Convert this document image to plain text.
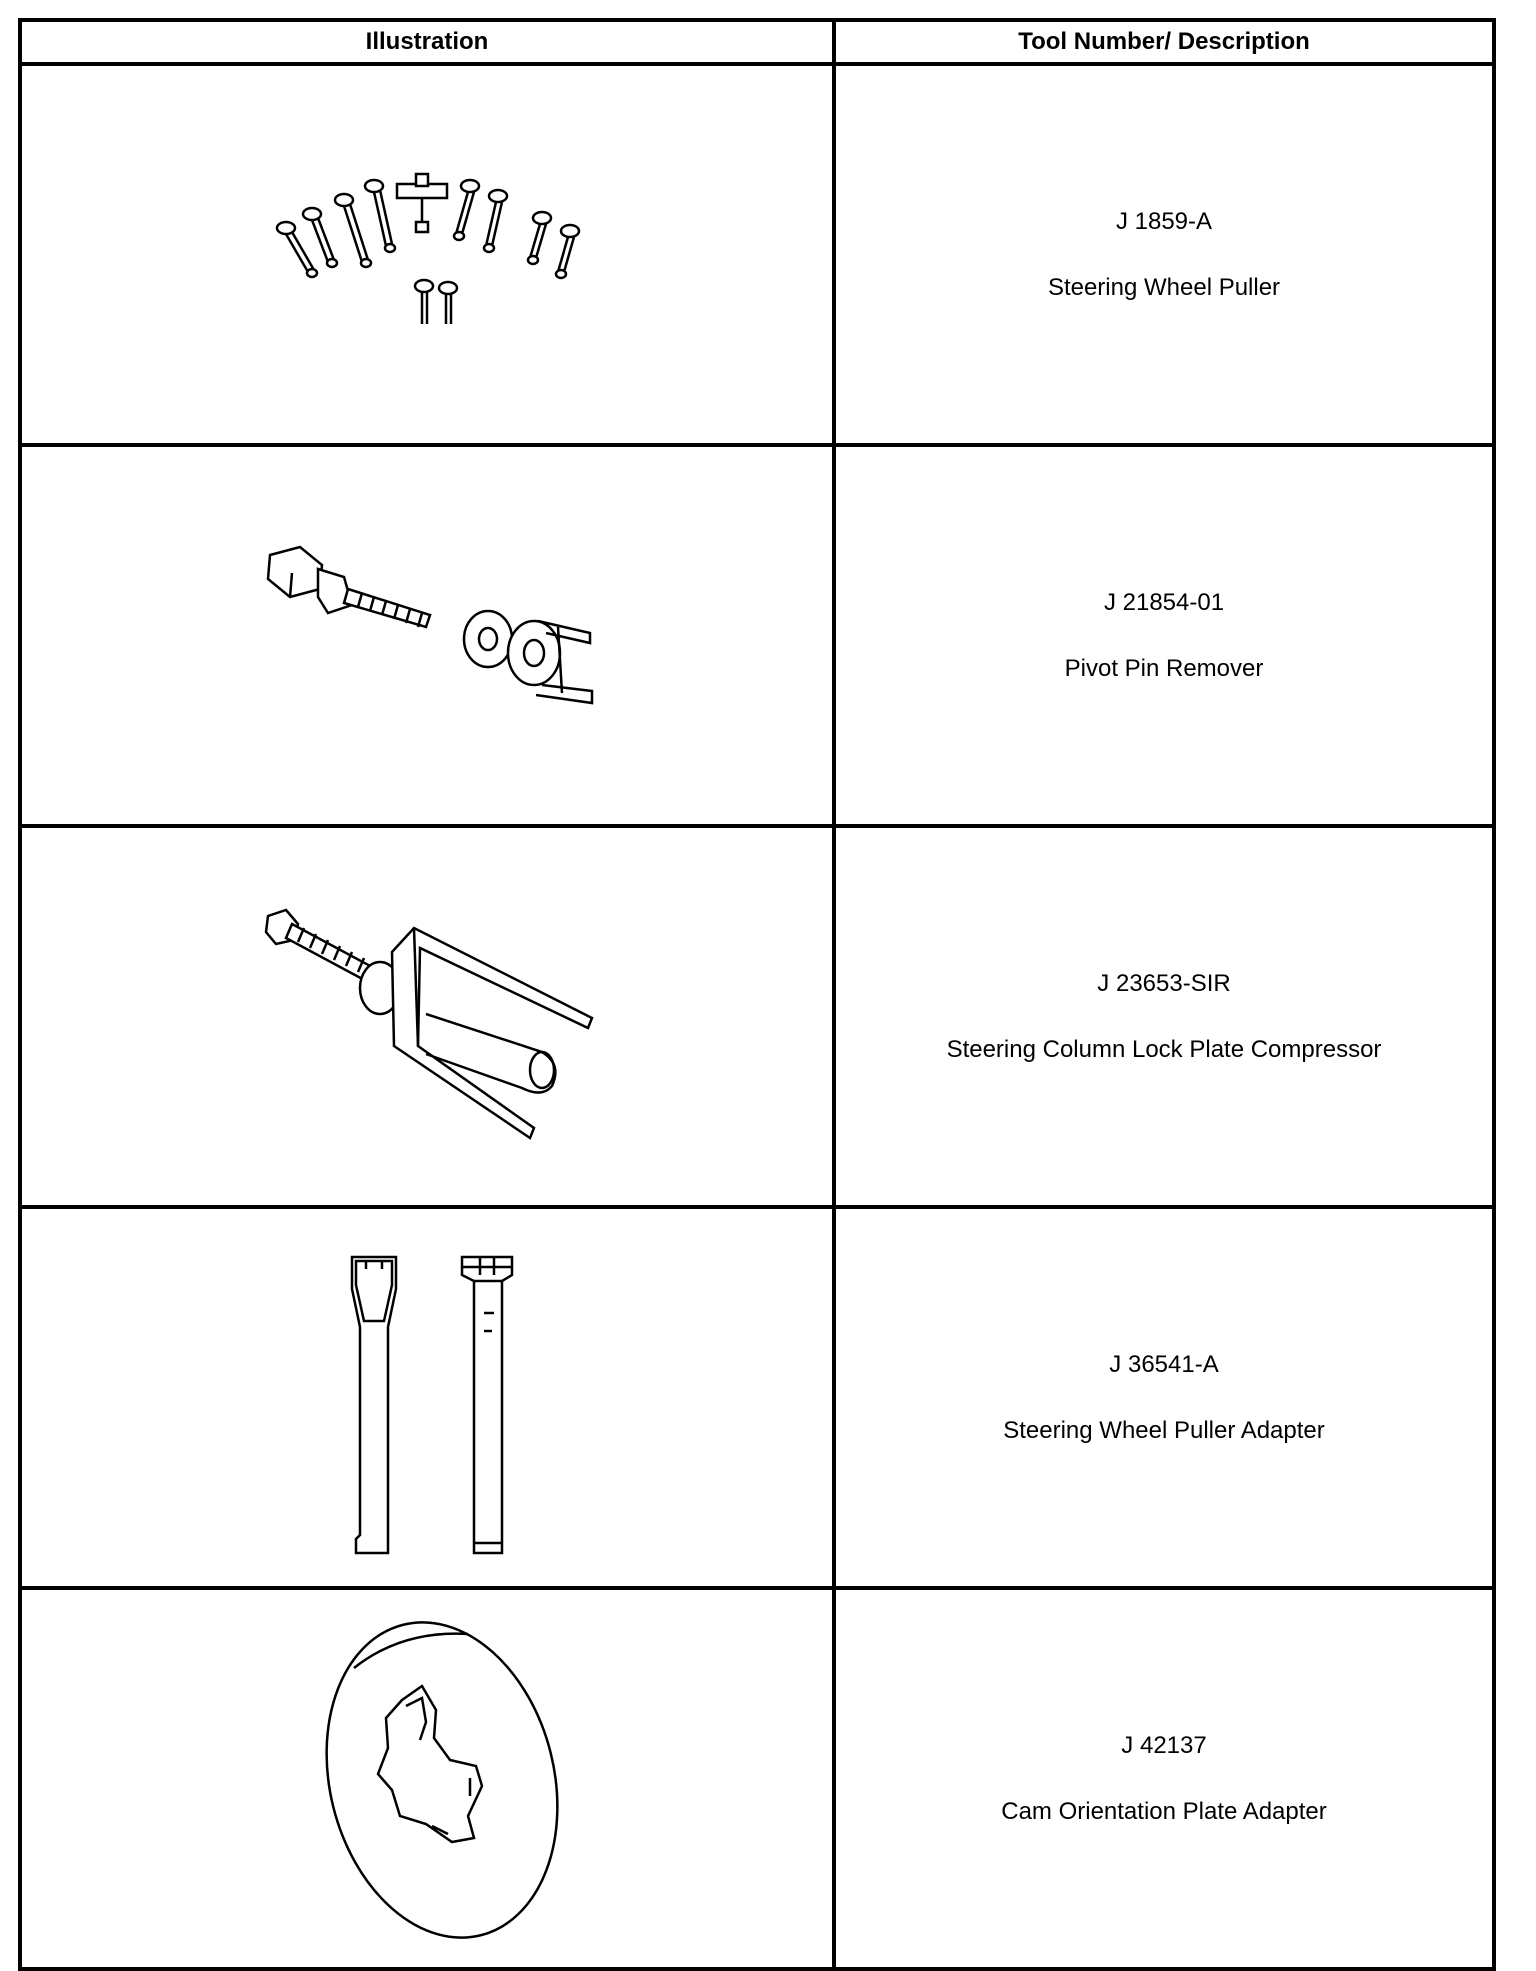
Illustration	Tool Number/ Description
J 1859-A
Steering Wheel Puller
J 21854-01
Pivot Pin Remover
J 23653-SIR
Steering Column Lock Plate Compressor
J 36541-A
Steering Wheel Puller Adapter
J 42137
Cam Orientation Plate Adapter
